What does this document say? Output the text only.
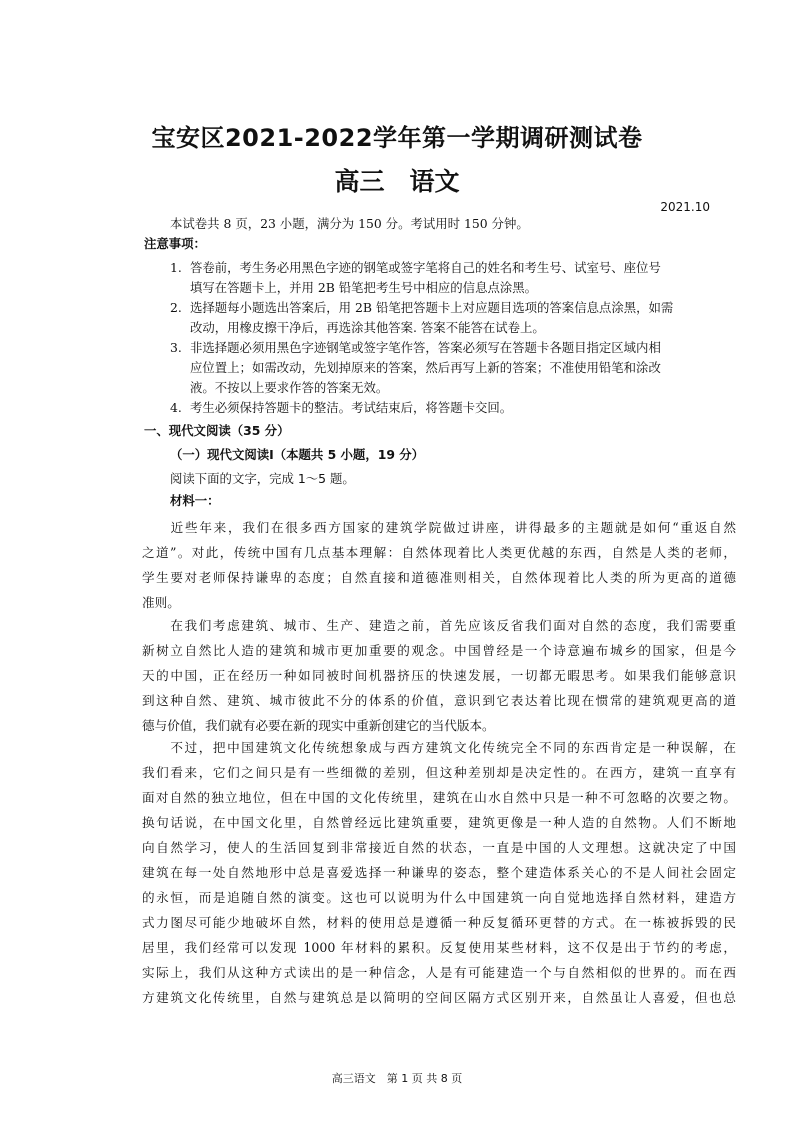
宝安区2021-2022学年第一学期调研测试卷
高三　语文
2021.10
本试卷共 8 页，23 小题，满分为 150 分。考试用时 150 分钟。
注意事项：
1. 答卷前，考生务必用黑色字迹的钢笔或签字笔将自己的姓名和考生号、试室号、座位号
填写在答题卡上，并用 2B 铅笔把考生号中相应的信息点涂黑。
2. 选择题每小题选出答案后，用 2B 铅笔把答题卡上对应题目选项的答案信息点涂黑，如需
改动，用橡皮擦干净后，再选涂其他答案. 答案不能答在试卷上。
3. 非选择题必须用黑色字迹钢笔或签字笔作答，答案必须写在答题卡各题目指定区域内相
应位置上；如需改动，先划掉原来的答案，然后再写上新的答案；不准使用铅笔和涂改
液。不按以上要求作答的答案无效。
4. 考生必须保持答题卡的整洁。考试结束后，将答题卡交回。
一、现代文阅读（35 分）
（一）现代文阅读Ⅰ（本题共 5 小题，19 分）
阅读下面的文字，完成 1～5 题。
材料一：
　　近些年来，我们在很多西方国家的建筑学院做过讲座，讲得最多的主题就是如何“重返自然
之道”。对此，传统中国有几点基本理解：自然体现着比人类更优越的东西，自然是人类的老师，
学生要对老师保持谦卑的态度；自然直接和道德准则相关，自然体现着比人类的所为更高的道德
准则。
　　在我们考虑建筑、城市、生产、建造之前，首先应该反省我们面对自然的态度，我们需要重
新树立自然比人造的建筑和城市更加重要的观念。中国曾经是一个诗意遍布城乡的国家，但是今
天的中国，正在经历一种如同被时间机器挤压的快速发展，一切都无暇思考。如果我们能够意识
到这种自然、建筑、城市彼此不分的体系的价值，意识到它表达着比现在惯常的建筑观更高的道
德与价值，我们就有必要在新的现实中重新创建它的当代版本。
　　不过，把中国建筑文化传统想象成与西方建筑文化传统完全不同的东西肯定是一种误解，在
我们看来，它们之间只是有一些细微的差别，但这种差别却是决定性的。在西方，建筑一直享有
面对自然的独立地位，但在中国的文化传统里，建筑在山水自然中只是一种不可忽略的次要之物。
换句话说，在中国文化里，自然曾经远比建筑重要，建筑更像是一种人造的自然物。人们不断地
向自然学习，使人的生活回复到非常接近自然的状态，一直是中国的人文理想。这就决定了中国
建筑在每一处自然地形中总是喜爱选择一种谦卑的姿态，整个建造体系关心的不是人间社会固定
的永恒，而是追随自然的演变。这也可以说明为什么中国建筑一向自觉地选择自然材料，建造方
式力图尽可能少地破坏自然，材料的使用总是遵循一种反复循环更替的方式。在一栋被拆毁的民
居里，我们经常可以发现 1000 年材料的累积。反复使用某些材料，这不仅是出于节约的考虑，
实际上，我们从这种方式读出的是一种信念，人是有可能建造一个与自然相似的世界的。而在西
方建筑文化传统里，自然与建筑总是以简明的空间区隔方式区别开来，自然虽让人喜爱，但也总
高三语文　第 1 页 共 8 页
